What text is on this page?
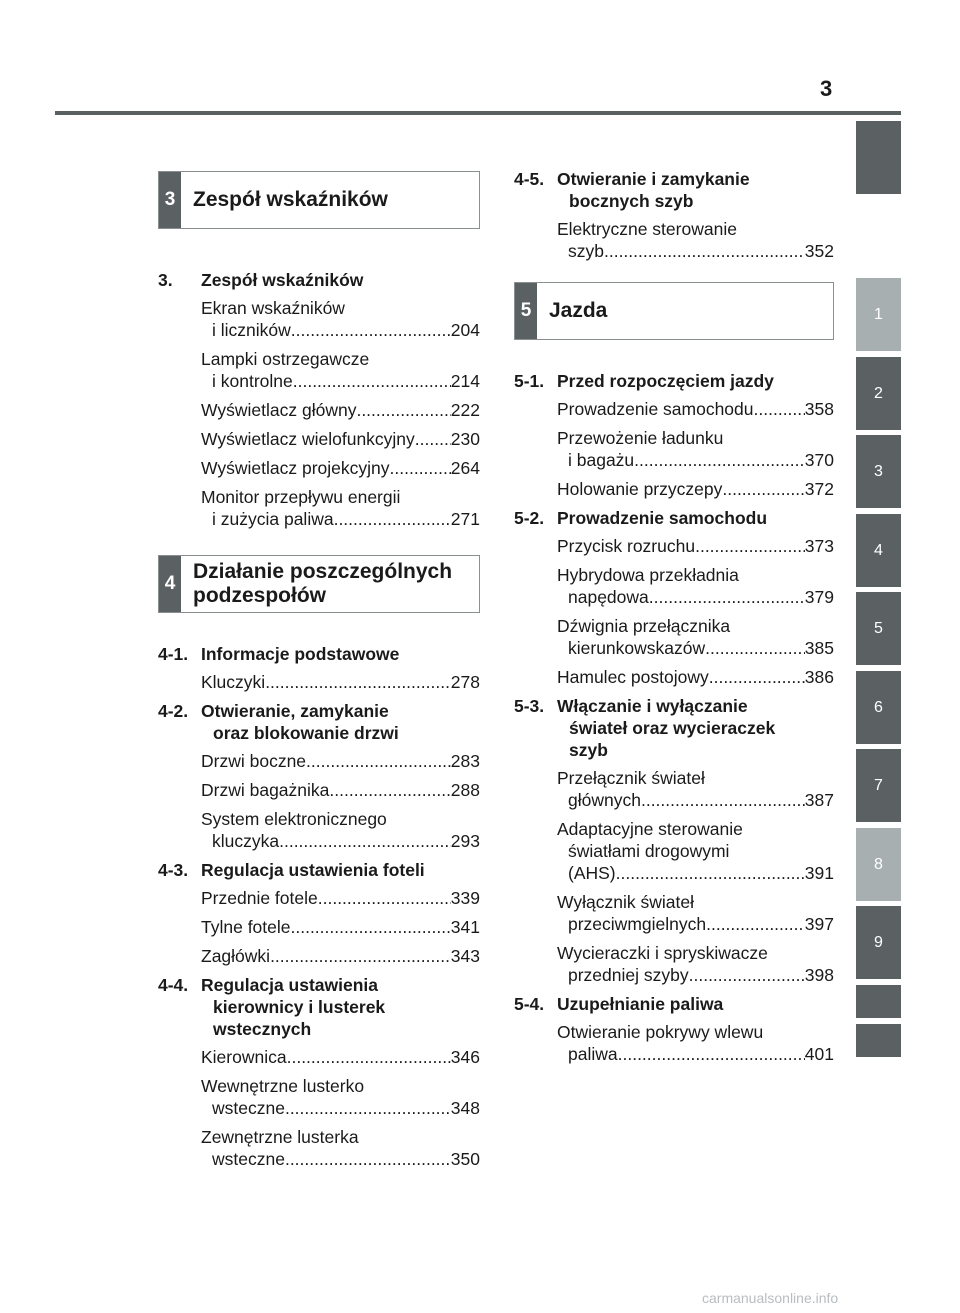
3
1
2
3
4
5
6
7
8
9
3 Zespół wskaźników
3.	Zespół wskaźników
Ekran wskaźników
i liczników .....	204
Lampki ostrzegawcze
i kontrolne .....	214
Wyświetlacz główny .....	222
Wyświetlacz wielofunkcyjny ..... 230
Wyświetlacz projekcyjny .....	264
Monitor przepływu energii
i zużycia paliwa .....	271
4
Działanie poszczególnych
podzespołów
4-1. Informacje podstawowe
Kluczyki .....	278
4-2. Otwieranie, zamykanie
oraz blokowanie drzwi
Drzwi boczne .....	283
Drzwi bagażnika .....	288
System elektronicznego
kluczyka .....	293
4-3. Regulacja ustawienia foteli
Przednie fotele .....	339
Tylne fotele .....	341
Zagłówki .....	343
4-4. Regulacja ustawienia
kierownicy i lusterek
wstecznych
Kierownica .....	346
Wewnętrzne lusterko
wsteczne .....	348
Zewnętrzne lusterka
wsteczne .....	350
4-5. Otwieranie i zamykanie
bocznych szyb
Elektryczne sterowanie
szyb .....	352
5 Jazda
5-1. Przed rozpoczęciem jazdy
Prowadzenie samochodu .....	358
Przewożenie ładunku
i bagażu .....	370
Holowanie przyczepy .....	372
5-2. Prowadzenie samochodu
Przycisk rozruchu .....	373
Hybrydowa przekładnia
napędowa .....	379
Dźwignia przełącznika
kierunkowskazów .....	385
Hamulec postojowy .....	386
5-3. Włączanie i wyłączanie
świateł oraz wycieraczek
szyb
Przełącznik świateł
głównych .....	387
Adaptacyjne sterowanie
światłami drogowymi
(AHS) .....	391
Wyłącznik świateł
przeciwmgielnych .....	397
Wycieraczki i spryskiwacze
przedniej szyby .....	398
5-4. Uzupełnianie paliwa
Otwieranie pokrywy wlewu
paliwa .....	401
carmanualsonline.info
